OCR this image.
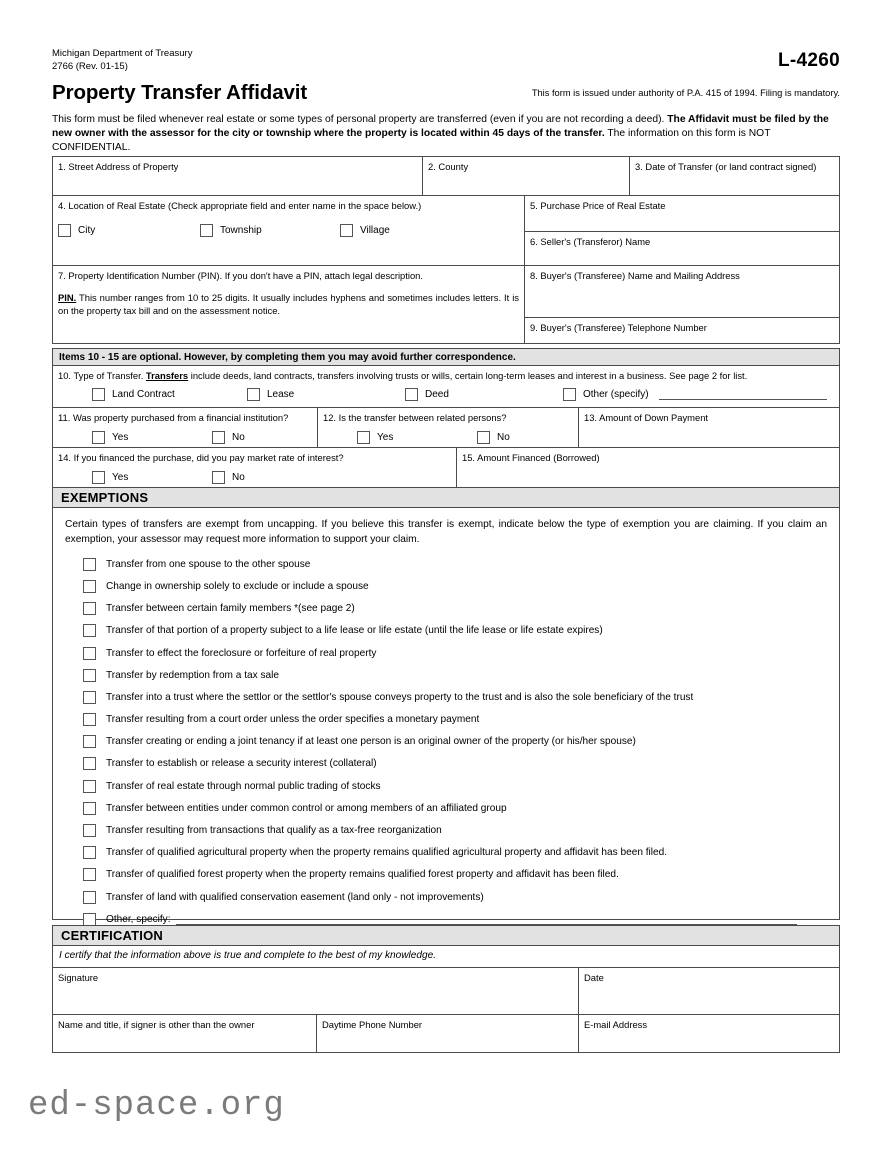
Michigan Department of Treasury
2766 (Rev. 01-15)	L-4260
Property Transfer Affidavit	This form is issued under authority of P.A. 415 of 1994. Filing is mandatory.
This form must be filed whenever real estate or some types of personal property are transferred (even if you are not recording a deed). The Affidavit must be filed by the new owner with the assessor for the city or township where the property is located within 45 days of the transfer. The information on this form is NOT CONFIDENTIAL.
1. Street Address of Property	2. County	3. Date of Transfer (or land contract signed)
4. Location of Real Estate (Check appropriate field and enter name in the space below.)
City	Township	Village
5. Purchase Price of Real Estate
6. Seller's (Transferor) Name
7. Property Identification Number (PIN). If you don't have a PIN, attach legal description.
PIN. This number ranges from 10 to 25 digits. It usually includes hyphens and sometimes includes letters. It is on the property tax bill and on the assessment notice.
8. Buyer's (Transferee) Name and Mailing Address
9. Buyer's (Transferee) Telephone Number
Items 10 - 15 are optional. However, by completing them you may avoid further correspondence.
10. Type of Transfer. Transfers include deeds, land contracts, transfers involving trusts or wills, certain long-term leases and interest in a business. See page 2 for list.
Land Contract	Lease	Deed	Other (specify)
11. Was property purchased from a financial institution?
Yes	No
12. Is the transfer between related persons?
Yes	No
13. Amount of Down Payment
14. If you financed the purchase, did you pay market rate of interest?
Yes	No
15. Amount Financed (Borrowed)
EXEMPTIONS
Certain types of transfers are exempt from uncapping. If you believe this transfer is exempt, indicate below the type of exemption you are claiming. If you claim an exemption, your assessor may request more information to support your claim.
Transfer from one spouse to the other spouse
Change in ownership solely to exclude or include a spouse
Transfer between certain family members *(see page 2)
Transfer of that portion of a property subject to a life lease or life estate (until the life lease or life estate expires)
Transfer to effect the foreclosure or forfeiture of real property
Transfer by redemption from a tax sale
Transfer into a trust where the settlor or the settlor's spouse conveys property to the trust and is also the sole beneficiary of the trust
Transfer resulting from a court order unless the order specifies a monetary payment
Transfer creating or ending a joint tenancy if at least one person is an original owner of the property (or his/her spouse)
Transfer to establish or release a security interest (collateral)
Transfer of real estate through normal public trading of stocks
Transfer between entities under common control or among members of an affiliated group
Transfer resulting from transactions that qualify as a tax-free reorganization
Transfer of qualified agricultural property when the property remains qualified agricultural property and affidavit has been filed.
Transfer of qualified forest property when the property remains qualified forest property and affidavit has been filed.
Transfer of land with qualified conservation easement (land only - not improvements)
Other, specify:
CERTIFICATION
I certify that the information above is true and complete to the best of my knowledge.
Signature	Date
Name and title, if signer is other than the owner	Daytime Phone Number	E-mail Address
ed-space.org
